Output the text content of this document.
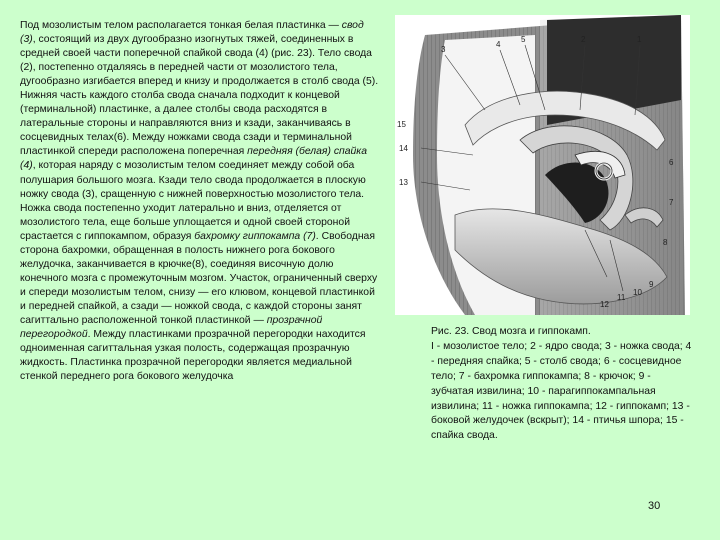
Под мозолистым телом располагается тонкая белая пластинка — свод (3), состоящий из двух дугообразно изогнутых тяжей, соединенных в средней своей части поперечной спайкой свода (4) (рис. 23). Тело свода (2), постепенно отдаляясь в передней части от мозолистого тела, дугообразно изгибается вперед и книзу и продолжается в столб свода (5). Нижняя часть каждого столба свода сначала подходит к концевой (терминальной) пластинке, а далее столбы свода расходятся в латеральные стороны и направляются вниз и кзади, заканчиваясь в сосцевидных телах(6). Между ножками свода сзади и терминальной пластинкой спереди расположена поперечная передняя (белая) спайка (4), которая наряду с мозолистым телом соединяет между собой оба полушария большого мозга. Кзади тело свода продолжается в плоскую ножку свода (3), сращенную с нижней поверхностью мозолистого тела. Ножка свода постепенно уходит латерально и вниз, отделяется от мозолистого тела, еще больше уплощается и одной своей стороной срастается с гиппокампом, образуя бахромку гиппокампа (7). Свободная сторона бахромки, обращенная в полость нижнего рога бокового желудочка, заканчивается в крючке(8), соединяя височную долю конечного мозга с промежуточным мозгом. Участок, ограниченный сверху и спереди мозолистым телом, снизу — его клювом, концевой пластинкой и передней спайкой, а сзади — ножкой свода, с каждой стороны занят сагиттально расположенной тонкой пластинкой — прозрачной перегородкой. Между пластинками прозрачной перегородки находится одноименная сагиттальная узкая полость, содержащая прозрачную жидкость. Пластинка прозрачной перегородки является медиальной стенкой переднего рога бокового желудочка

3
4
5	2	1
15
14
13
12
11
10
9
8
7
6

Рис. 23. Свод мозга и гиппокамп.

I - мозолистое тело; 2 - ядро свода; 3 - ножка свода; 4 - передняя спайка; 5 - столб свода; 6 - сосцевидное тело; 7 - бахромка гиппокампа; 8 - крючок; 9 - зубчатая извилина; 10 - парагиппокампальная извилина; 11 - ножка гиппокампа; 12 - гиппокамп; 13 - боковой желудочек (вскрыт); 14 - птичья шпора; 15 - спайка свода.

30
